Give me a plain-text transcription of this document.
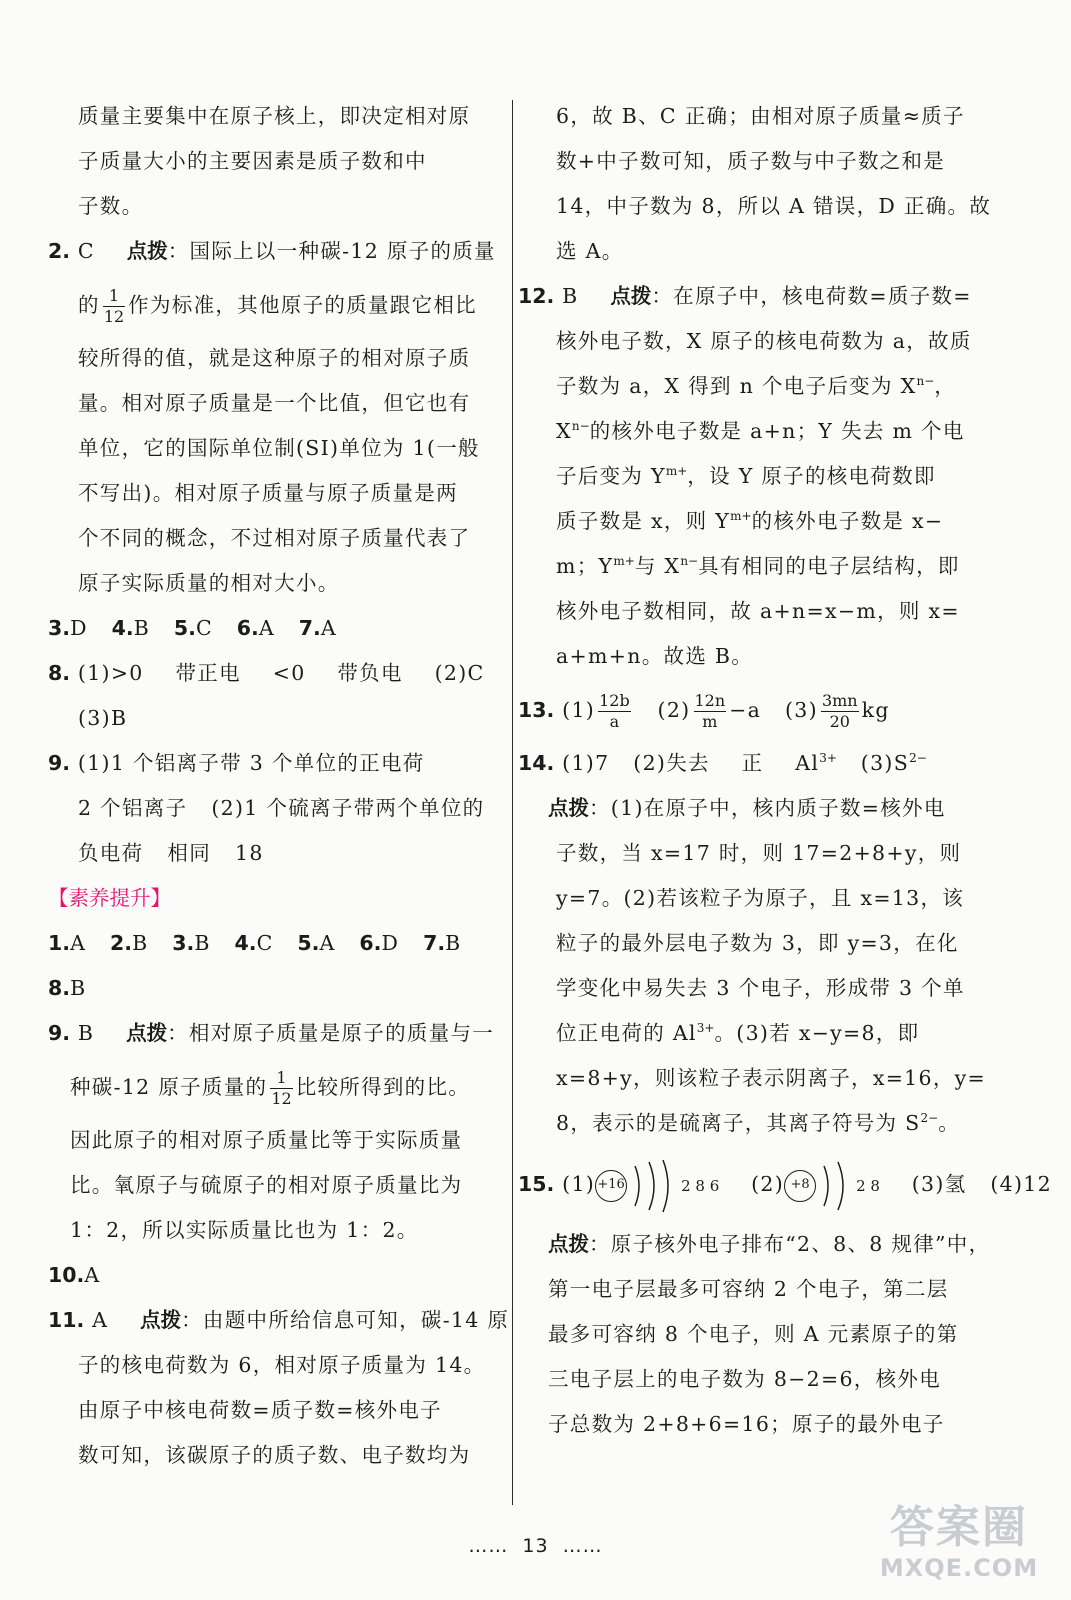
质量主要集中在原子核上，即决定相对原
子质量大小的主要因素是质子数和中
子数。
2. C 点拨：国际上以一种碳-12 原子的质量
的 $\frac{1}{12}$ 作为标准，其他原子的质量跟它相比
较所得的值，就是这种原子的相对原子质
量。相对原子质量是一个比值，但它也有
单位，它的国际单位制(SI)单位为 1(一般
不写出)。相对原子质量与原子质量是两
个不同的概念，不过相对原子质量代表了
原子实际质量的相对大小。
3.D 4.B 5.C 6.A 7.A
8. (1)>0 带正电 <0 带负电 (2)C
(3)B
9. (1)1 个铝离子带 3 个单位的正电荷
2 个铝离子 (2)1 个硫离子带两个单位的
负电荷 相同 18
【素养提升】
1.A 2.B 3.B 4.C 5.A 6.D 7.B
8.B
9. B 点拨：相对原子质量是原子的质量与一
种碳-12 原子质量的 $\frac{1}{12}$ 比较所得到的比。
因此原子的相对原子质量比等于实际质量
比。氧原子与硫原子的相对原子质量比为
1：2，所以实际质量比也为 1：2。
10.A
11. A 点拨：由题中所给信息可知，碳-14 原
子的核电荷数为 6，相对原子质量为 14。
由原子中核电荷数=质子数=核外电子
数可知，该碳原子的质子数、电子数均为
6，故 B、C 正确；由相对原子质量≈质子
数+中子数可知，质子数与中子数之和是
14，中子数为 8，所以 A 错误，D 正确。故
选 A。
12. B 点拨：在原子中，核电荷数=质子数=
核外电子数，X 原子的核电荷数为 a，故质
子数为 a，X 得到 n 个电子后变为 $X^{n-}$，
$X^{n-}$的核外电子数是 a+n；Y 失去 m 个电
子后变为 $Y^{m+}$，设 Y 原子的核电荷数即
质子数是 x，则 $Y^{m+}$的核外电子数是 x−
m；$Y^{m+}$与 $X^{n-}$具有相同的电子层结构，即
核外电子数相同，故 a+n=x−m，则 x=
a+m+n。故选 B。
13. $(1) \frac{12b}{a} (2) \frac{12n}{m} -a$ $(3) \frac{3mn}{20}$ kg
14. (1)7 (2)失去 正 $Al^{3+}$ $(3)S^{2-}$
点拨：(1)在原子中，核内质子数=核外电
子数，当 x=17 时，则 17=2+8+y，则
y=7。(2)若该粒子为原子，且 x=13，该
粒子的最外层电子数为 3，即 y=3，在化
学变化中易失去 3 个电子，形成带 3 个单
位正电荷的 $Al^{3+}$。(3)若 x−y=8，即
x=8+y，则该粒子表示阴离子，x=16，y=
8，表示的是硫离子，其离子符号为 $S^{2-}$。
15. (1) +16	2 8 6 (2) +8	2 8 (3)氢 (4)12
点拨：原子核外电子排布“2、8、8 规律”中，
第一电子层最多可容纳 2 个电子，第二层
最多可容纳 8 个电子，则 A 元素原子的第
三电子层上的电子数为 8−2=6，核外电
子总数为 2+8+6=16；原子的最外电子
…… 13 ……	答案圈
MXQE.COM
